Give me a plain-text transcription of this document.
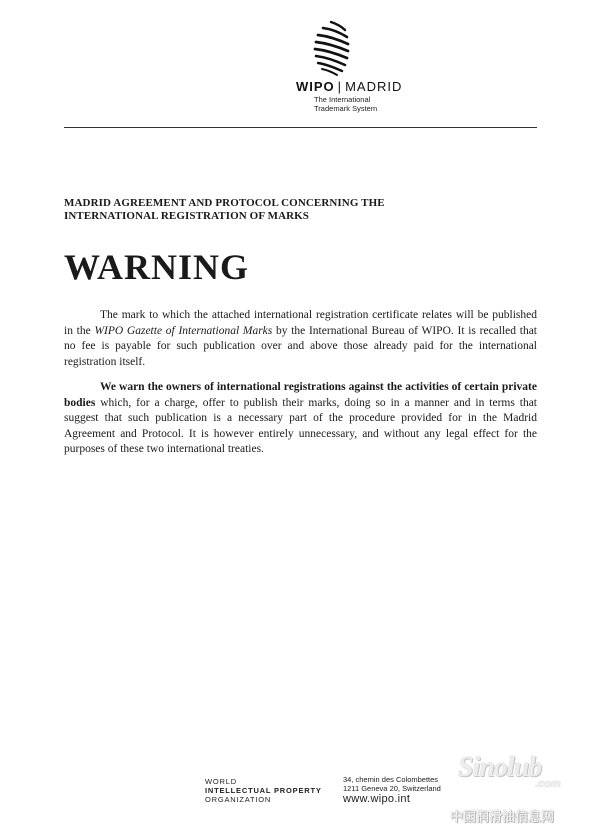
WIPO | MADRID
The International
Trademark System
MADRID AGREEMENT AND PROTOCOL CONCERNING THE
INTERNATIONAL REGISTRATION OF MARKS
WARNING
The mark to which the attached international registration certificate relates will be published in the WIPO Gazette of International Marks by the International Bureau of WIPO. It is recalled that no fee is payable for such publication over and above those already paid for the international registration itself.
We warn the owners of international registrations against the activities of certain private bodies which, for a charge, offer to publish their marks, doing so in a manner and in terms that suggest that such publication is a necessary part of the procedure provided for in the Madrid Agreement and Protocol. It is however entirely unnecessary, and without any legal effect for the purposes of these two international treaties.
WORLD
INTELLECTUAL PROPERTY
ORGANIZATION
34, chemin des Colombettes
1211 Geneva 20, Switzerland
www.wipo.int
Sinolub
.com
中国润滑油信息网
